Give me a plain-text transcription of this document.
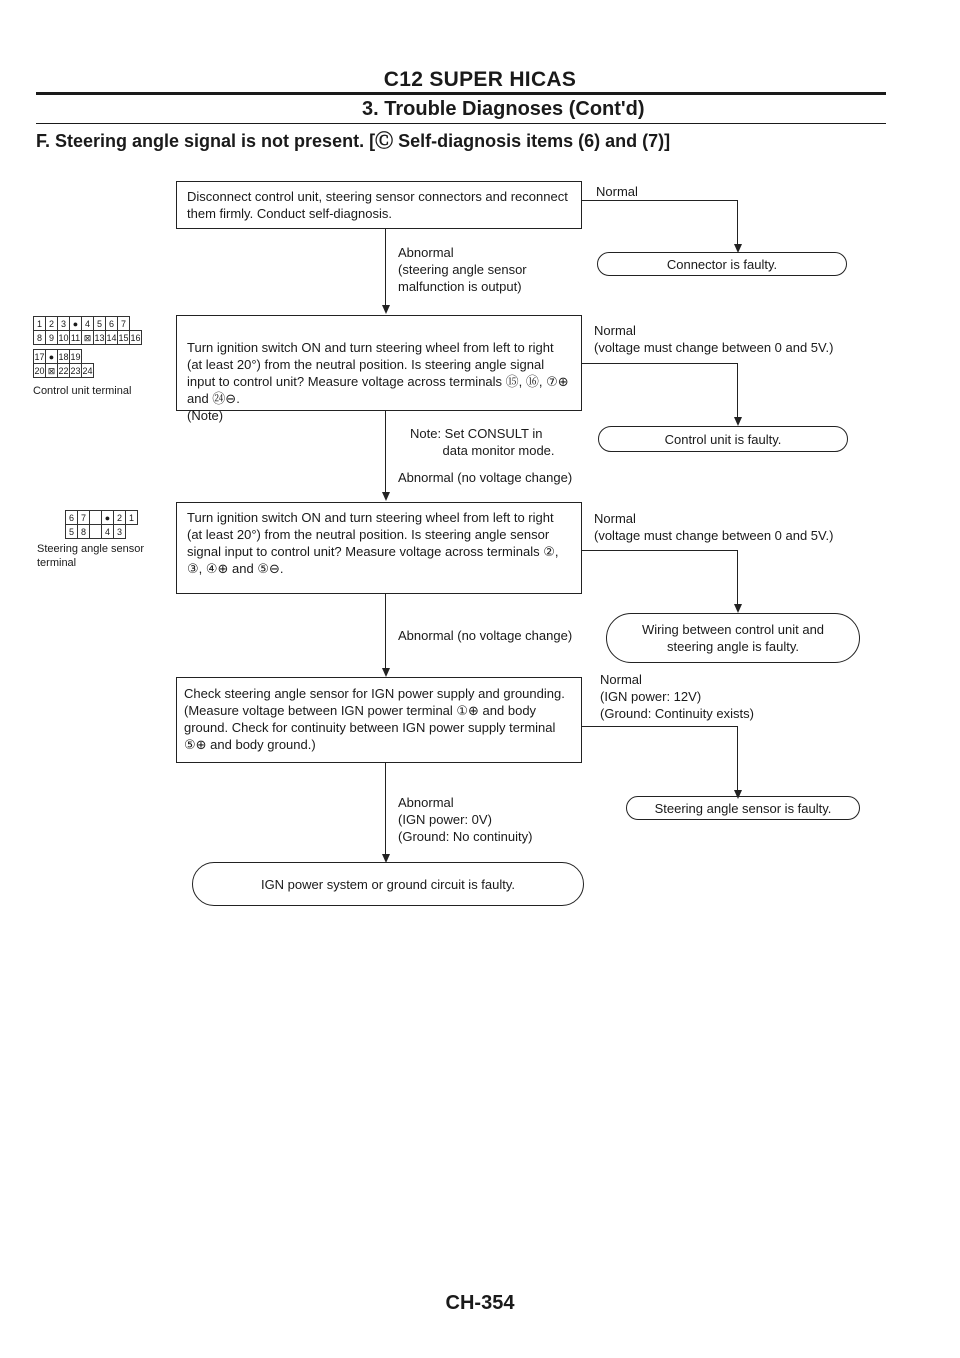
C12 SUPER HICAS
3. Trouble Diagnoses (Cont'd)
F. Steering angle signal is not present. [Ⓒ Self-diagnosis items (6) and (7)]
Disconnect control unit, steering sensor connectors and reconnect them firmly. Conduct self-diagnosis.
Normal
Connector is faulty.
Abnormal
(steering angle sensor
malfunction is output)
1	2	3	●	4	5	6	7	
8	9	10	11	⊠	13	14	15	16
17	●	18	19	
20	⊠	22	23	24
Control unit terminal

Turn ignition switch ON and turn steering wheel from left to right (at least 20°) from the neutral position. Is steering angle signal input to control unit? Measure voltage across terminals ⑮, ⑯, ⑦⊕ and ㉔⊖.
(Note)

Normal
(voltage must change between 0 and 5V.)
Control unit is faulty.
Note: Set CONSULT in
data monitor mode.
Abnormal (no voltage change)
6	7		●	2	1
5	8		4	3	
Steering angle sensor
terminal
Turn ignition switch ON and turn steering wheel from left to right (at least 20°) from the neutral position. Is steering angle sensor signal input to control unit? Measure voltage across terminals ②, ③, ④⊕ and ⑤⊖.
Normal
(voltage must change between 0 and 5V.)
Wiring between control unit and steering angle is faulty.
Abnormal (no voltage change)
Check steering angle sensor for IGN power supply and grounding. (Measure voltage between IGN power terminal ①⊕ and body ground. Check for continuity between IGN power supply terminal ⑤⊕ and body ground.)
Normal
(IGN power: 12V)
(Ground: Continuity exists)
Steering angle sensor is faulty.
Abnormal
(IGN power: 0V)
(Ground: No continuity)
IGN power system or ground circuit is faulty.
CH-354
